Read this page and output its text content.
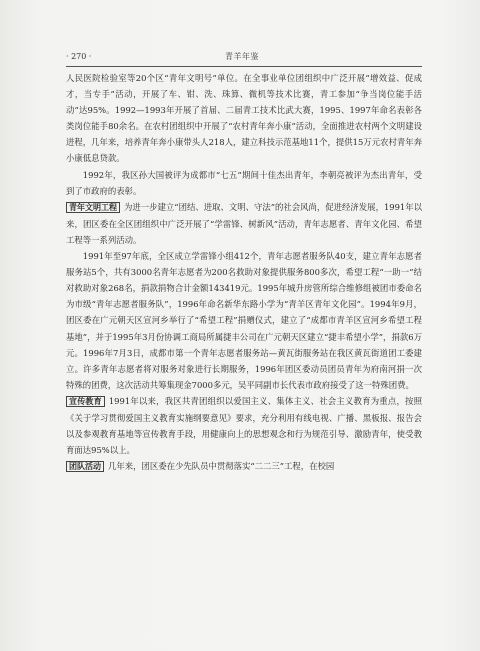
· 270 ·	青羊年鉴

人民医院检验室等20个区“青年文明号”单位。在全事业单位团组织中广泛开展“增效益、促成才，当专手”活动，开展了车、钳、洗、珠算、微机等技术比赛，青工参加“争当岗位能手活动”达95%。1992—1993年开展了首届、二届青工技术比武大赛，1995、1997年命名表彰各类岗位能手80余名。在农村团组织中开展了“农村青年奔小康”活动，全面推进农村两个文明建设进程，几年来，培养青年奔小康带头人218人，建立科技示范基地11个，提供15万元农村青年奔小康低息贷款。

1992年，我区孙大国被评为成都市“七五”期间十佳杰出青年，李朝亮被评为杰出青年，受到了市政府的表彰。

青年文明工程 为进一步建立“团结、进取、文明、守法”的社会风尚，促进经济发展，1991年以来，团区委在全区团组织中广泛开展了“学雷锋、树新风”活动，青年志愿者、青年文化园、希望工程等一系列活动。

1991年至97年底，全区成立学雷锋小组412个，青年志愿者服务队40支，建立青年志愿者服务站5个，共有3000名青年志愿者为200名救助对象提供服务800多次，希望工程“一助一”结对救助对象268名，捐款捐物合计金额143419元。1995年城升房管所综合维修组被团市委命名为市级“青年志愿者服务队”，1996年命名新华东路小学为“青羊区青年文化园”。1994年9月，团区委在广元朝天区宣河乡举行了“希望工程”捐赠仪式，建立了“成都市青羊区宣河乡希望工程基地”，并于1995年3月份协调工商局所属捷丰公司在广元朝天区建立“捷丰希望小学”，捐款6万元。1996年7月3日，成都市第一个青年志愿者服务站—黄瓦街服务站在我区黄瓦街道团工委建立。许多青年志愿者将对服务对象进行长期服务，1996年团区委动员团员青年为府南河捐一次特殊的团费，这次活动共筹集现金7000多元，吴平同副市长代表市政府接受了这一特殊团费。

宣传教育 1991年以来，我区共青团组织以爱国主义、集体主义、社会主义教育为重点，按照《关于学习贯彻爱国主义教育实施纲要意见》要求，充分利用有线电视、广播、黑板报、报告会以及参观教育基地等宣传教育手段，用健康向上的思想观念和行为规范引导、激励青年，使受教育面达95%以上。

团队活动 几年来，团区委在少先队员中贯彻落实“二二三”工程，在校园
